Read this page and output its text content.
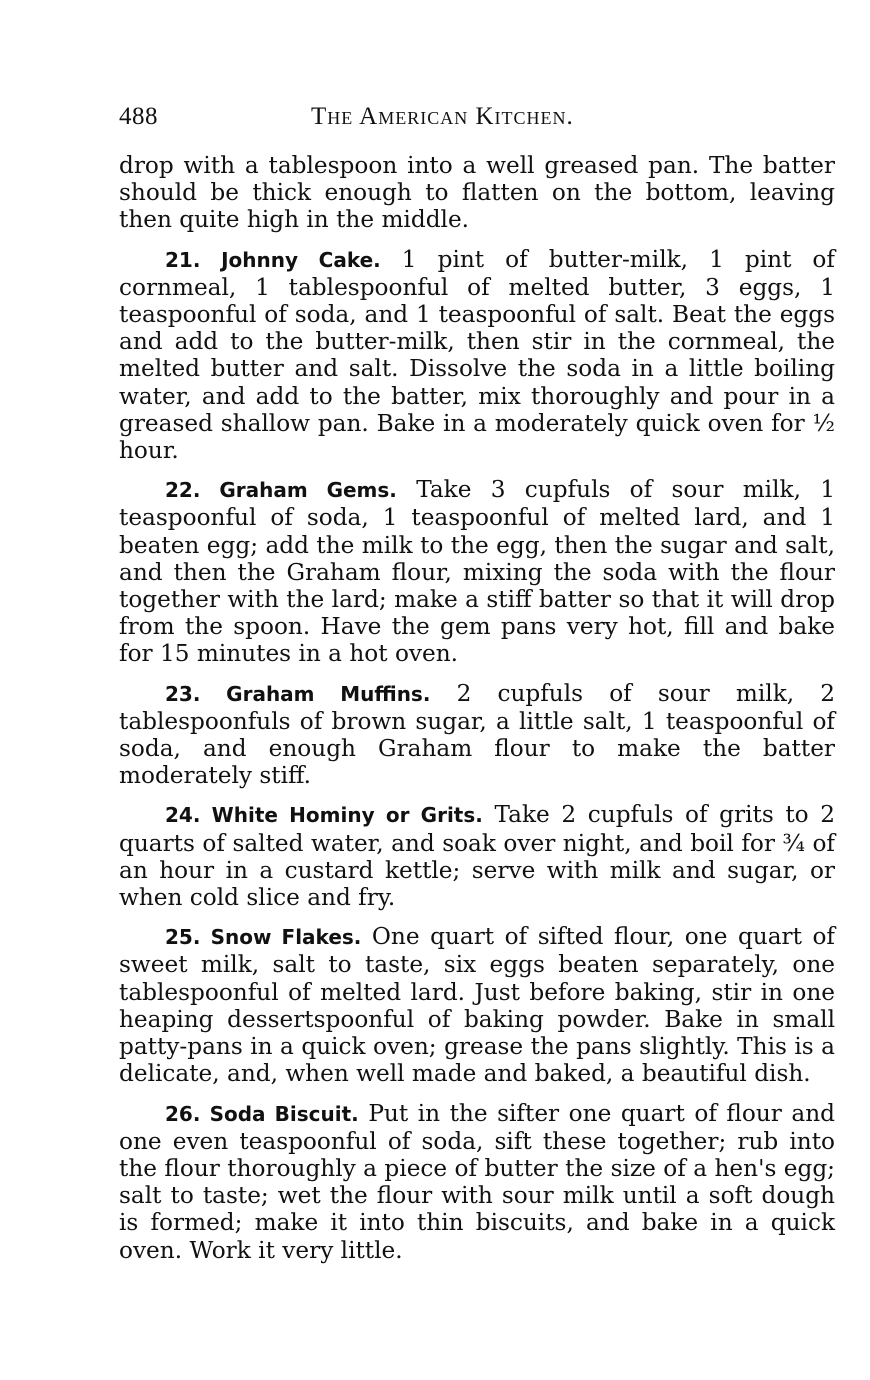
488	The American Kitchen.

drop with a tablespoon into a well greased pan. The batter should be thick enough to flatten on the bottom, leaving then quite high in the middle.

21. Johnny Cake. 1 pint of butter-milk, 1 pint of cornmeal, 1 tablespoonful of melted butter, 3 eggs, 1 teaspoonful of soda, and 1 teaspoonful of salt. Beat the eggs and add to the butter-milk, then stir in the cornmeal, the melted butter and salt. Dissolve the soda in a little boiling water, and add to the batter, mix thoroughly and pour in a greased shallow pan. Bake in a moderately quick oven for ½ hour.

22. Graham Gems. Take 3 cupfuls of sour milk, 1 teaspoonful of soda, 1 teaspoonful of melted lard, and 1 beaten egg; add the milk to the egg, then the sugar and salt, and then the Graham flour, mixing the soda with the flour together with the lard; make a stiff batter so that it will drop from the spoon. Have the gem pans very hot, fill and bake for 15 minutes in a hot oven.

23. Graham Muffins. 2 cupfuls of sour milk, 2 tablespoonfuls of brown sugar, a little salt, 1 teaspoonful of soda, and enough Graham flour to make the batter moderately stiff.

24. White Hominy or Grits. Take 2 cupfuls of grits to 2 quarts of salted water, and soak over night, and boil for ¾ of an hour in a custard kettle; serve with milk and sugar, or when cold slice and fry.

25. Snow Flakes. One quart of sifted flour, one quart of sweet milk, salt to taste, six eggs beaten separately, one tablespoonful of melted lard. Just before baking, stir in one heaping dessertspoonful of baking powder. Bake in small patty-pans in a quick oven; grease the pans slightly. This is a delicate, and, when well made and baked, a beautiful dish.

26. Soda Biscuit. Put in the sifter one quart of flour and one even teaspoonful of soda, sift these together; rub into the flour thoroughly a piece of butter the size of a hen's egg; salt to taste; wet the flour with sour milk until a soft dough is formed; make it into thin biscuits, and bake in a quick oven. Work it very little.
